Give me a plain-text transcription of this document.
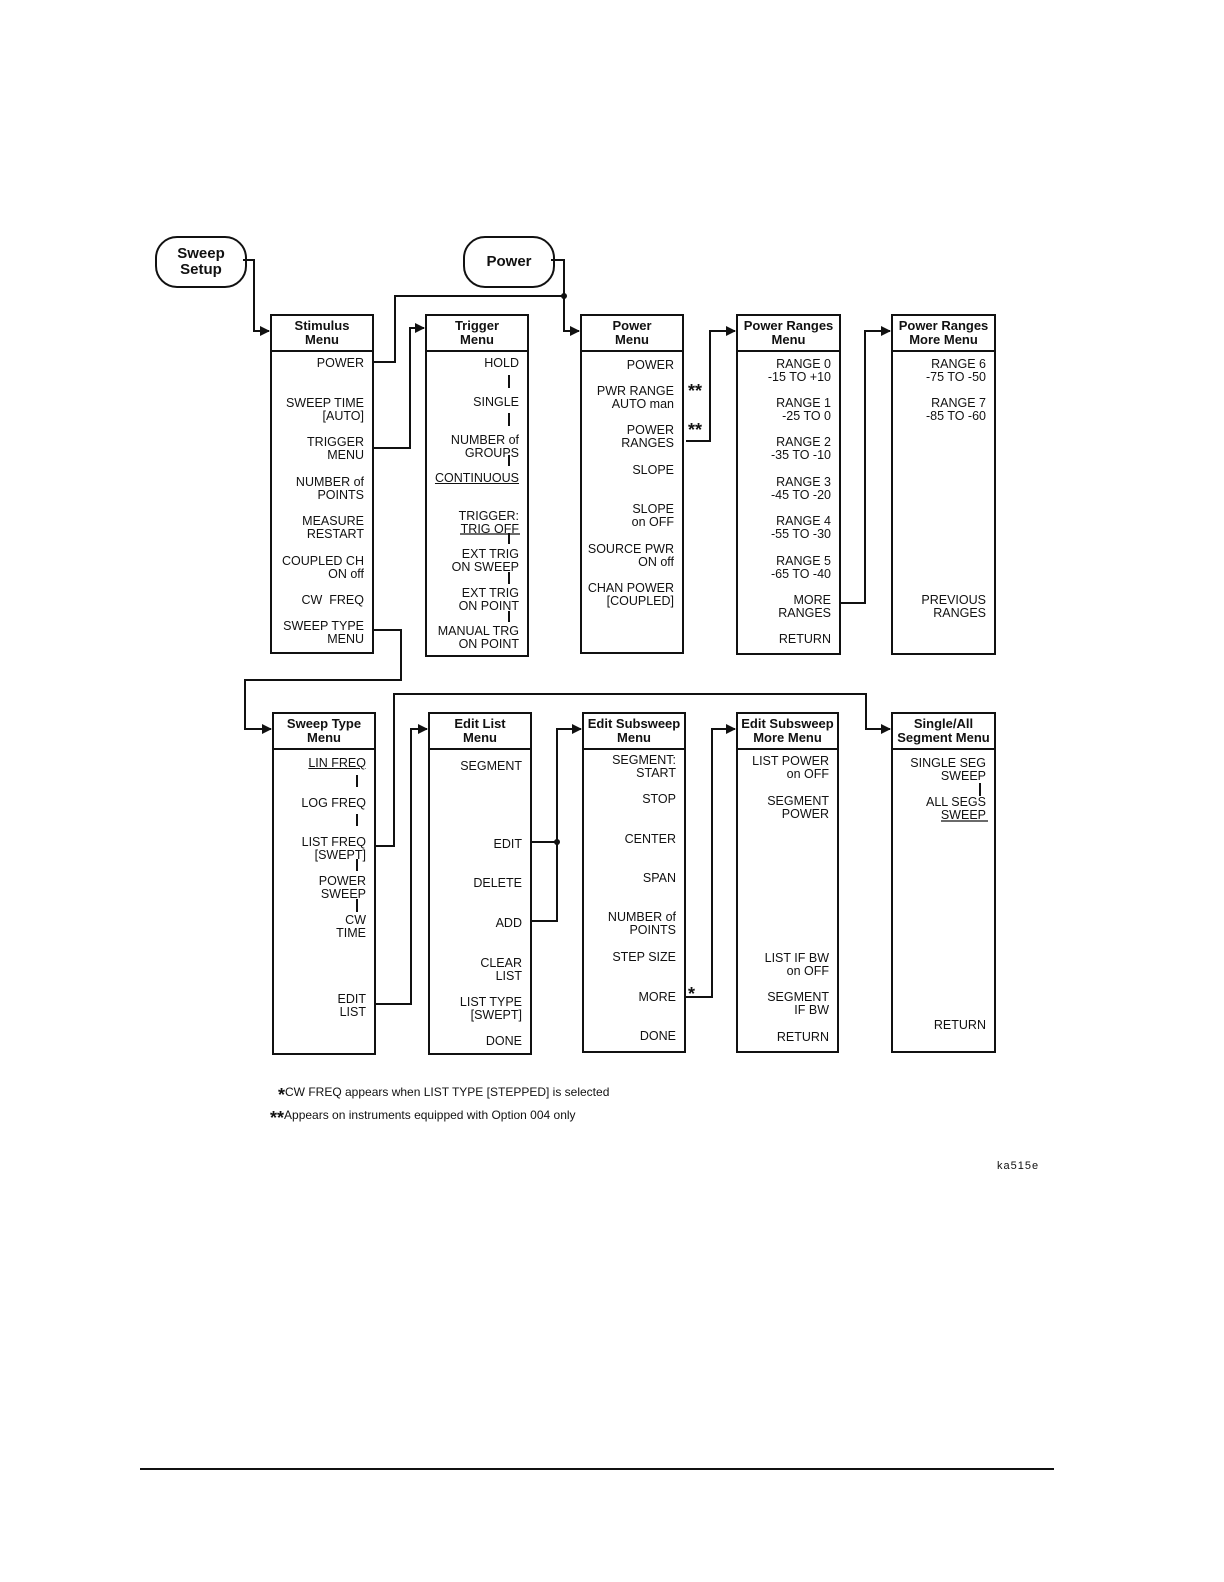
Sweep
Setup	Power
Stimulus
Menu
POWER
SWEEP TIME
[AUTO]
TRIGGER
MENU
NUMBER of
POINTS
MEASURE
RESTART
COUPLED CH
ON off
CW  FREQ
SWEEP TYPE
MENU
Trigger
Menu
HOLD
SINGLE
NUMBER of
GROUPS
CONTINUOUS
TRIGGER:
TRIG OFF
EXT TRIG
ON SWEEP
EXT TRIG
ON POINT
MANUAL TRG
ON POINT
Power
Menu
POWER
PWR RANGE
AUTO man
POWER
RANGES
SLOPE
SLOPE
on OFF
SOURCE PWR
ON off
CHAN POWER
[COUPLED]
Power Ranges
Menu
RANGE 0
-15 TO +10
RANGE 1
-25 TO 0
RANGE 2
-35 TO -10
RANGE 3
-45 TO -20
RANGE 4
-55 TO -30
RANGE 5
-65 TO -40
MORE
RANGES
RETURN
Power Ranges
More Menu
RANGE 6
-75 TO -50
RANGE 7
-85 TO -60
PREVIOUS
RANGES
Sweep Type
Menu
LIN FREQ
LOG FREQ
LIST FREQ
[SWEPT]
POWER
SWEEP
CW
TIME
EDIT
LIST
Edit List
Menu
SEGMENT
EDIT
DELETE
ADD
CLEAR
LIST
LIST TYPE
[SWEPT]
DONE
Edit Subsweep
Menu
SEGMENT:
START
STOP
CENTER
SPAN
NUMBER of
POINTS
STEP SIZE
MORE
DONE
Edit Subsweep
More Menu
LIST POWER
on OFF
SEGMENT
POWER
LIST IF BW
on OFF
SEGMENT
IF BW
RETURN
Single/All
Segment Menu
SINGLE SEG
SWEEP
ALL SEGS
SWEEP
RETURN
**
**
*
*CW FREQ appears when LIST TYPE [STEPPED] is selected
**Appears on instruments equipped with Option 004 only
ka515e
